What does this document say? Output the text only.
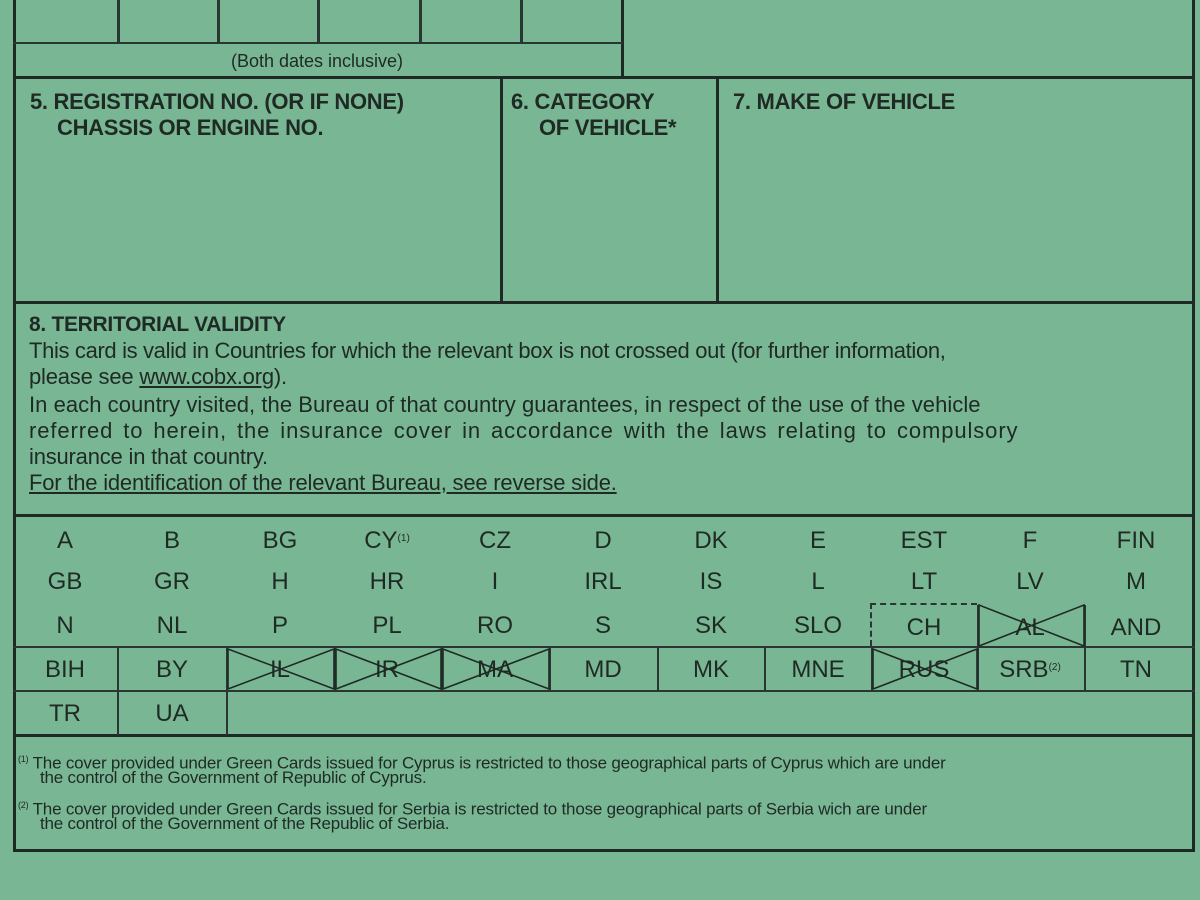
(Both dates inclusive)
5. REGISTRATION NO. (OR IF NONE)
CHASSIS OR ENGINE NO.
6. CATEGORY
OF VEHICLE*
7. MAKE OF VEHICLE
8. TERRITORIAL VALIDITY
This card is valid in Countries for which the relevant box is not crossed out (for further information,
please see www.cobx.org).
In each country visited, the Bureau of that country guarantees, in respect of the use of the vehicle
referred to herein, the insurance cover in accordance with the laws relating to compulsory
insurance in that country.
For the identification of the relevant Bureau, see reverse side.
A	B	BG	CY$^{(1)}$	CZ	D	DK	E	EST	F	FIN
GB	GR	H	HR	I	IRL	IS	L	LT	LV	M
N	NL	P	PL	RO	S	SK	SLO	CH	AL	AND
BIH	BY	IL	IR	MA	MD	MK	MNE	RUS	SRB$^{(2)}$	TN
TR	UA
$^{(1)}$ The cover provided under Green Cards issued for Cyprus is restricted to those geographical parts of Cyprus which are under
the control of the Government of Republic of Cyprus.
$^{(2)}$ The cover provided under Green Cards issued for Serbia is restricted to those geographical parts of Serbia wich are under
the control of the Government of the Republic of Serbia.
